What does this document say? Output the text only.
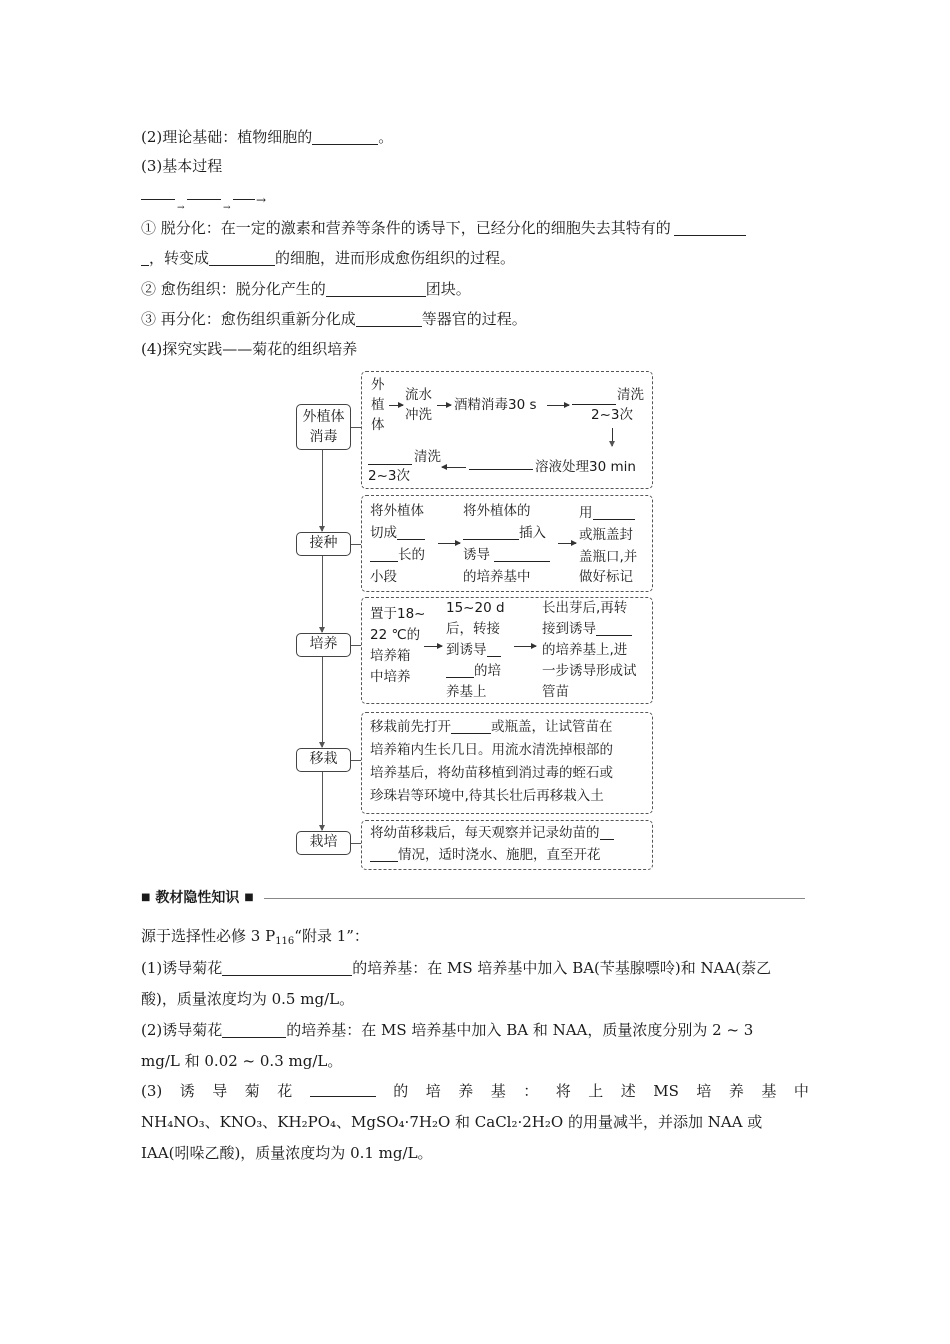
(2)理论基础：植物细胞的	。
(3)基本过程
→	→
→
① 脱分化：在一定的激素和营养等条件的诱导下，已经分化的细胞失去其特有的
，转变成	的细胞，进而形成愈伤组织的过程。
② 愈伤组织：脱分化产生的	团块。
③ 再分化：愈伤组织重新分化成	等器官的过程。
(4)探究实践——菊花的组织培养
外植体
消毒
接种
培养
移栽
栽培
外
植
体
流水
冲洗
酒精消毒30 s
清洗
2~3次
溶液处理30 min
清洗
2~3次
将外植体
切成
长的
小段
将外植体的
插入
诱导
的培养基中
用
或瓶盖封
盖瓶口,并
做好标记
置于18~
22 ℃的
培养箱
中培养
15~20 d
后，转接
到诱导
的培
养基上
长出芽后,再转
接到诱导
的培养基上,进
一步诱导形成试
管苗
移栽前先打开	或瓶盖，让试管苗在
培养箱内生长几日。用流水清洗掉根部的
培养基后，将幼苗移植到消过毒的蛭石或
珍珠岩等环境中,待其长壮后再移栽入土
将幼苗移栽后，每天观察并记录幼苗的
情况，适时浇水、施肥，直至开花
■ 教材隐性知识 ■
源于选择性必修 3 $P_{116}“$附录 1”：
(1)诱导菊花	的培养基：在 MS 培养基中加入 BA(苄基腺嘌呤)和 NAA(萘乙
酸)，质量浓度均为 0.5 mg/L。
(2)诱导菊花	的培养基：在 MS 培养基中加入 BA 和 NAA，质量浓度分别为 2 ~ 3
mg/L 和 0.02 ~ 0.3 mg/L。
(3) 诱 导 菊 花	的 培 养 基 ： 将 上 述 MS 培 养 基 中
NH₄NO₃、KNO₃、KH₂PO₄、MgSO₄·7H₂O 和 CaCl₂·2H₂O 的用量减半，并添加 NAA 或
IAA(吲哚乙酸)，质量浓度均为 0.1 mg/L。
